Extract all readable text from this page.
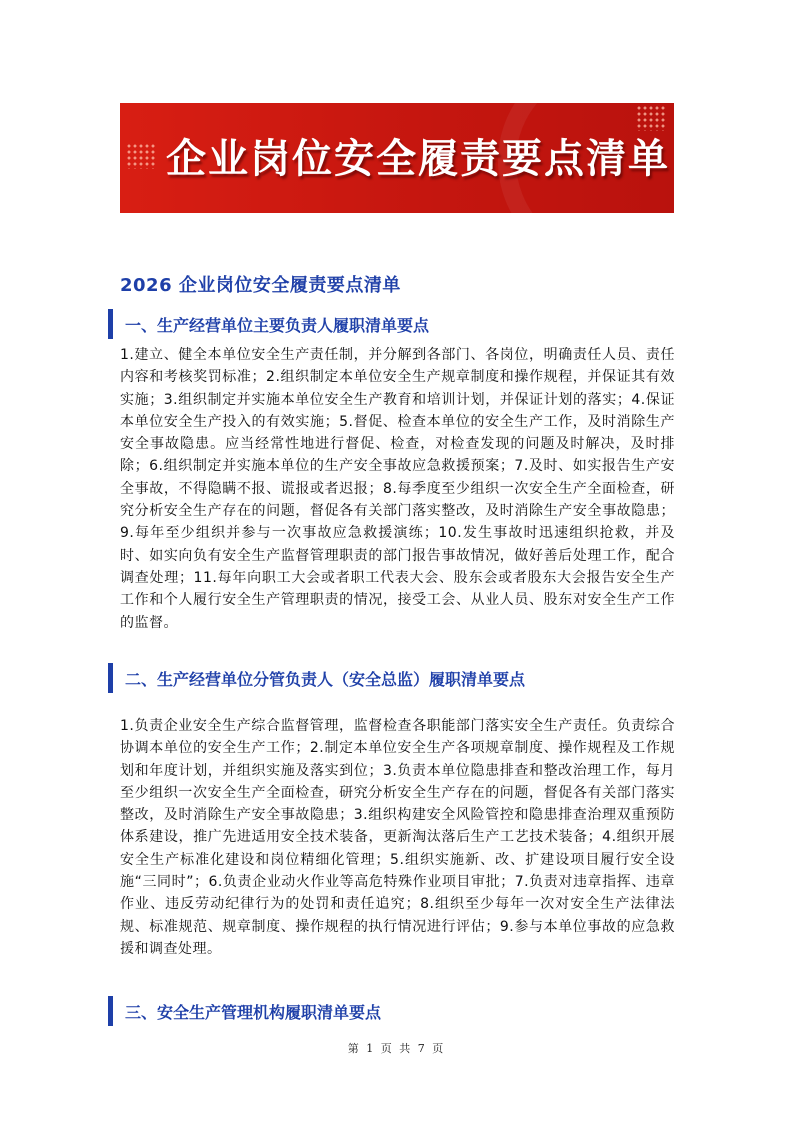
企业岗位安全履责要点清单
2026 企业岗位安全履责要点清单
一、生产经营单位主要负责人履职清单要点
1.建立、健全本单位安全生产责任制，并分解到各部门、各岗位，明确责任人员、责任内容和考核奖罚标准；2.组织制定本单位安全生产规章制度和操作规程，并保证其有效实施；3.组织制定并实施本单位安全生产教育和培训计划，并保证计划的落实；4.保证本单位安全生产投入的有效实施；5.督促、检查本单位的安全生产工作，及时消除生产安全事故隐患。应当经常性地进行督促、检查，对检查发现的问题及时解决，及时排除；6.组织制定并实施本单位的生产安全事故应急救援预案；7.及时、如实报告生产安全事故，不得隐瞒不报、谎报或者迟报；8.每季度至少组织一次安全生产全面检查，研究分析安全生产存在的问题，督促各有关部门落实整改，及时消除生产安全事故隐患；9.每年至少组织并参与一次事故应急救援演练；10.发生事故时迅速组织抢救，并及时、如实向负有安全生产监督管理职责的部门报告事故情况，做好善后处理工作，配合调查处理；11.每年向职工大会或者职工代表大会、股东会或者股东大会报告安全生产工作和个人履行安全生产管理职责的情况，接受工会、从业人员、股东对安全生产工作的监督。
二、生产经营单位分管负责人（安全总监）履职清单要点
1.负责企业安全生产综合监督管理，监督检查各职能部门落实安全生产责任。负责综合协调本单位的安全生产工作；2.制定本单位安全生产各项规章制度、操作规程及工作规划和年度计划，并组织实施及落实到位；3.负责本单位隐患排查和整改治理工作，每月至少组织一次安全生产全面检查，研究分析安全生产存在的问题，督促各有关部门落实整改，及时消除生产安全事故隐患；3.组织构建安全风险管控和隐患排查治理双重预防体系建设，推广先进适用安全技术装备，更新淘汰落后生产工艺技术装备；4.组织开展安全生产标准化建设和岗位精细化管理；5.组织实施新、改、扩建设项目履行安全设施“三同时”；6.负责企业动火作业等高危特殊作业项目审批；7.负责对违章指挥、违章作业、违反劳动纪律行为的处罚和责任追究；8.组织至少每年一次对安全生产法律法规、标准规范、规章制度、操作规程的执行情况进行评估；9.参与本单位事故的应急救援和调查处理。
三、安全生产管理机构履职清单要点
第 1 页 共 7 页
